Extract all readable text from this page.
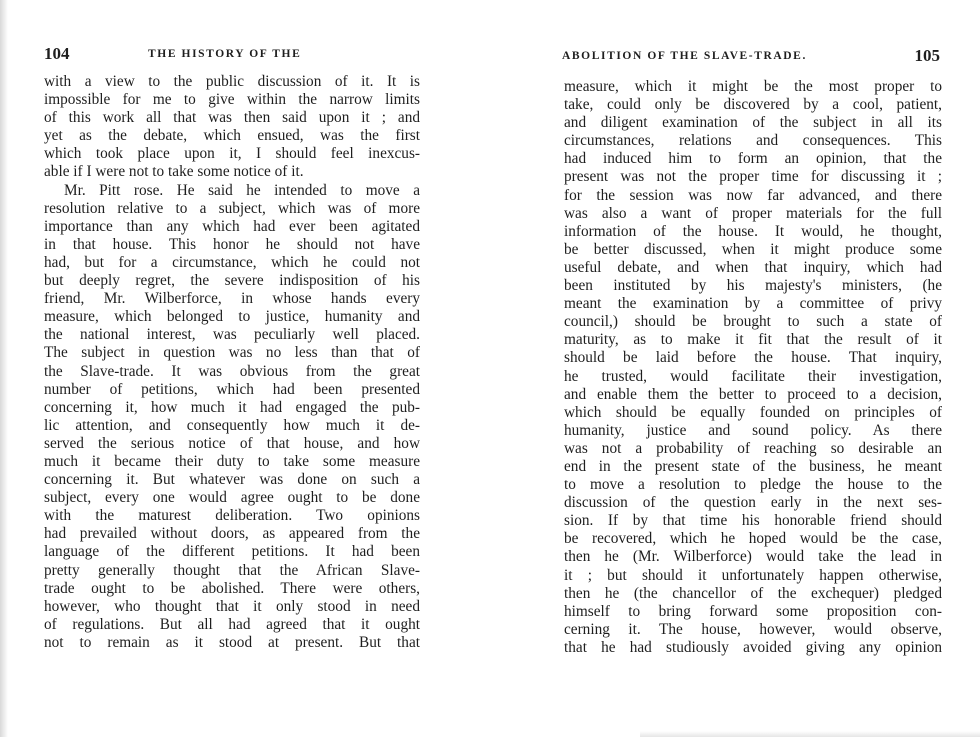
104	THE HISTORY OF THE
with a view to the public discussion of it. It is
impossible for me to give within the narrow limits
of this work all that was then said upon it ; and
yet as the debate, which ensued, was the first
which took place upon it, I should feel inexcus-
able if I were not to take some notice of it.
Mr. Pitt rose. He said he intended to move a
resolution relative to a subject, which was of more
importance than any which had ever been agitated
in that house. This honor he should not have
had, but for a circumstance, which he could not
but deeply regret, the severe indisposition of his
friend, Mr. Wilberforce, in whose hands every
measure, which belonged to justice, humanity and
the national interest, was peculiarly well placed.
The subject in question was no less than that of
the Slave-trade. It was obvious from the great
number of petitions, which had been presented
concerning it, how much it had engaged the pub-
lic attention, and consequently how much it de-
served the serious notice of that house, and how
much it became their duty to take some measure
concerning it. But whatever was done on such a
subject, every one would agree ought to be done
with the maturest deliberation. Two opinions
had prevailed without doors, as appeared from the
language of the different petitions. It had been
pretty generally thought that the African Slave-
trade ought to be abolished. There were others,
however, who thought that it only stood in need
of regulations. But all had agreed that it ought
not to remain as it stood at present. But that
ABOLITION OF THE SLAVE-TRADE.	105
measure, which it might be the most proper to
take, could only be discovered by a cool, patient,
and diligent examination of the subject in all its
circumstances, relations and consequences. This
had induced him to form an opinion, that the
present was not the proper time for discussing it ;
for the session was now far advanced, and there
was also a want of proper materials for the full
information of the house. It would, he thought,
be better discussed, when it might produce some
useful debate, and when that inquiry, which had
been instituted by his majesty's ministers, (he
meant the examination by a committee of privy
council,) should be brought to such a state of
maturity, as to make it fit that the result of it
should be laid before the house. That inquiry,
he trusted, would facilitate their investigation,
and enable them the better to proceed to a decision,
which should be equally founded on principles of
humanity, justice and sound policy. As there
was not a probability of reaching so desirable an
end in the present state of the business, he meant
to move a resolution to pledge the house to the
discussion of the question early in the next ses-
sion. If by that time his honorable friend should
be recovered, which he hoped would be the case,
then he (Mr. Wilberforce) would take the lead in
it ; but should it unfortunately happen otherwise,
then he (the chancellor of the exchequer) pledged
himself to bring forward some proposition con-
cerning it. The house, however, would observe,
that he had studiously avoided giving any opinion
